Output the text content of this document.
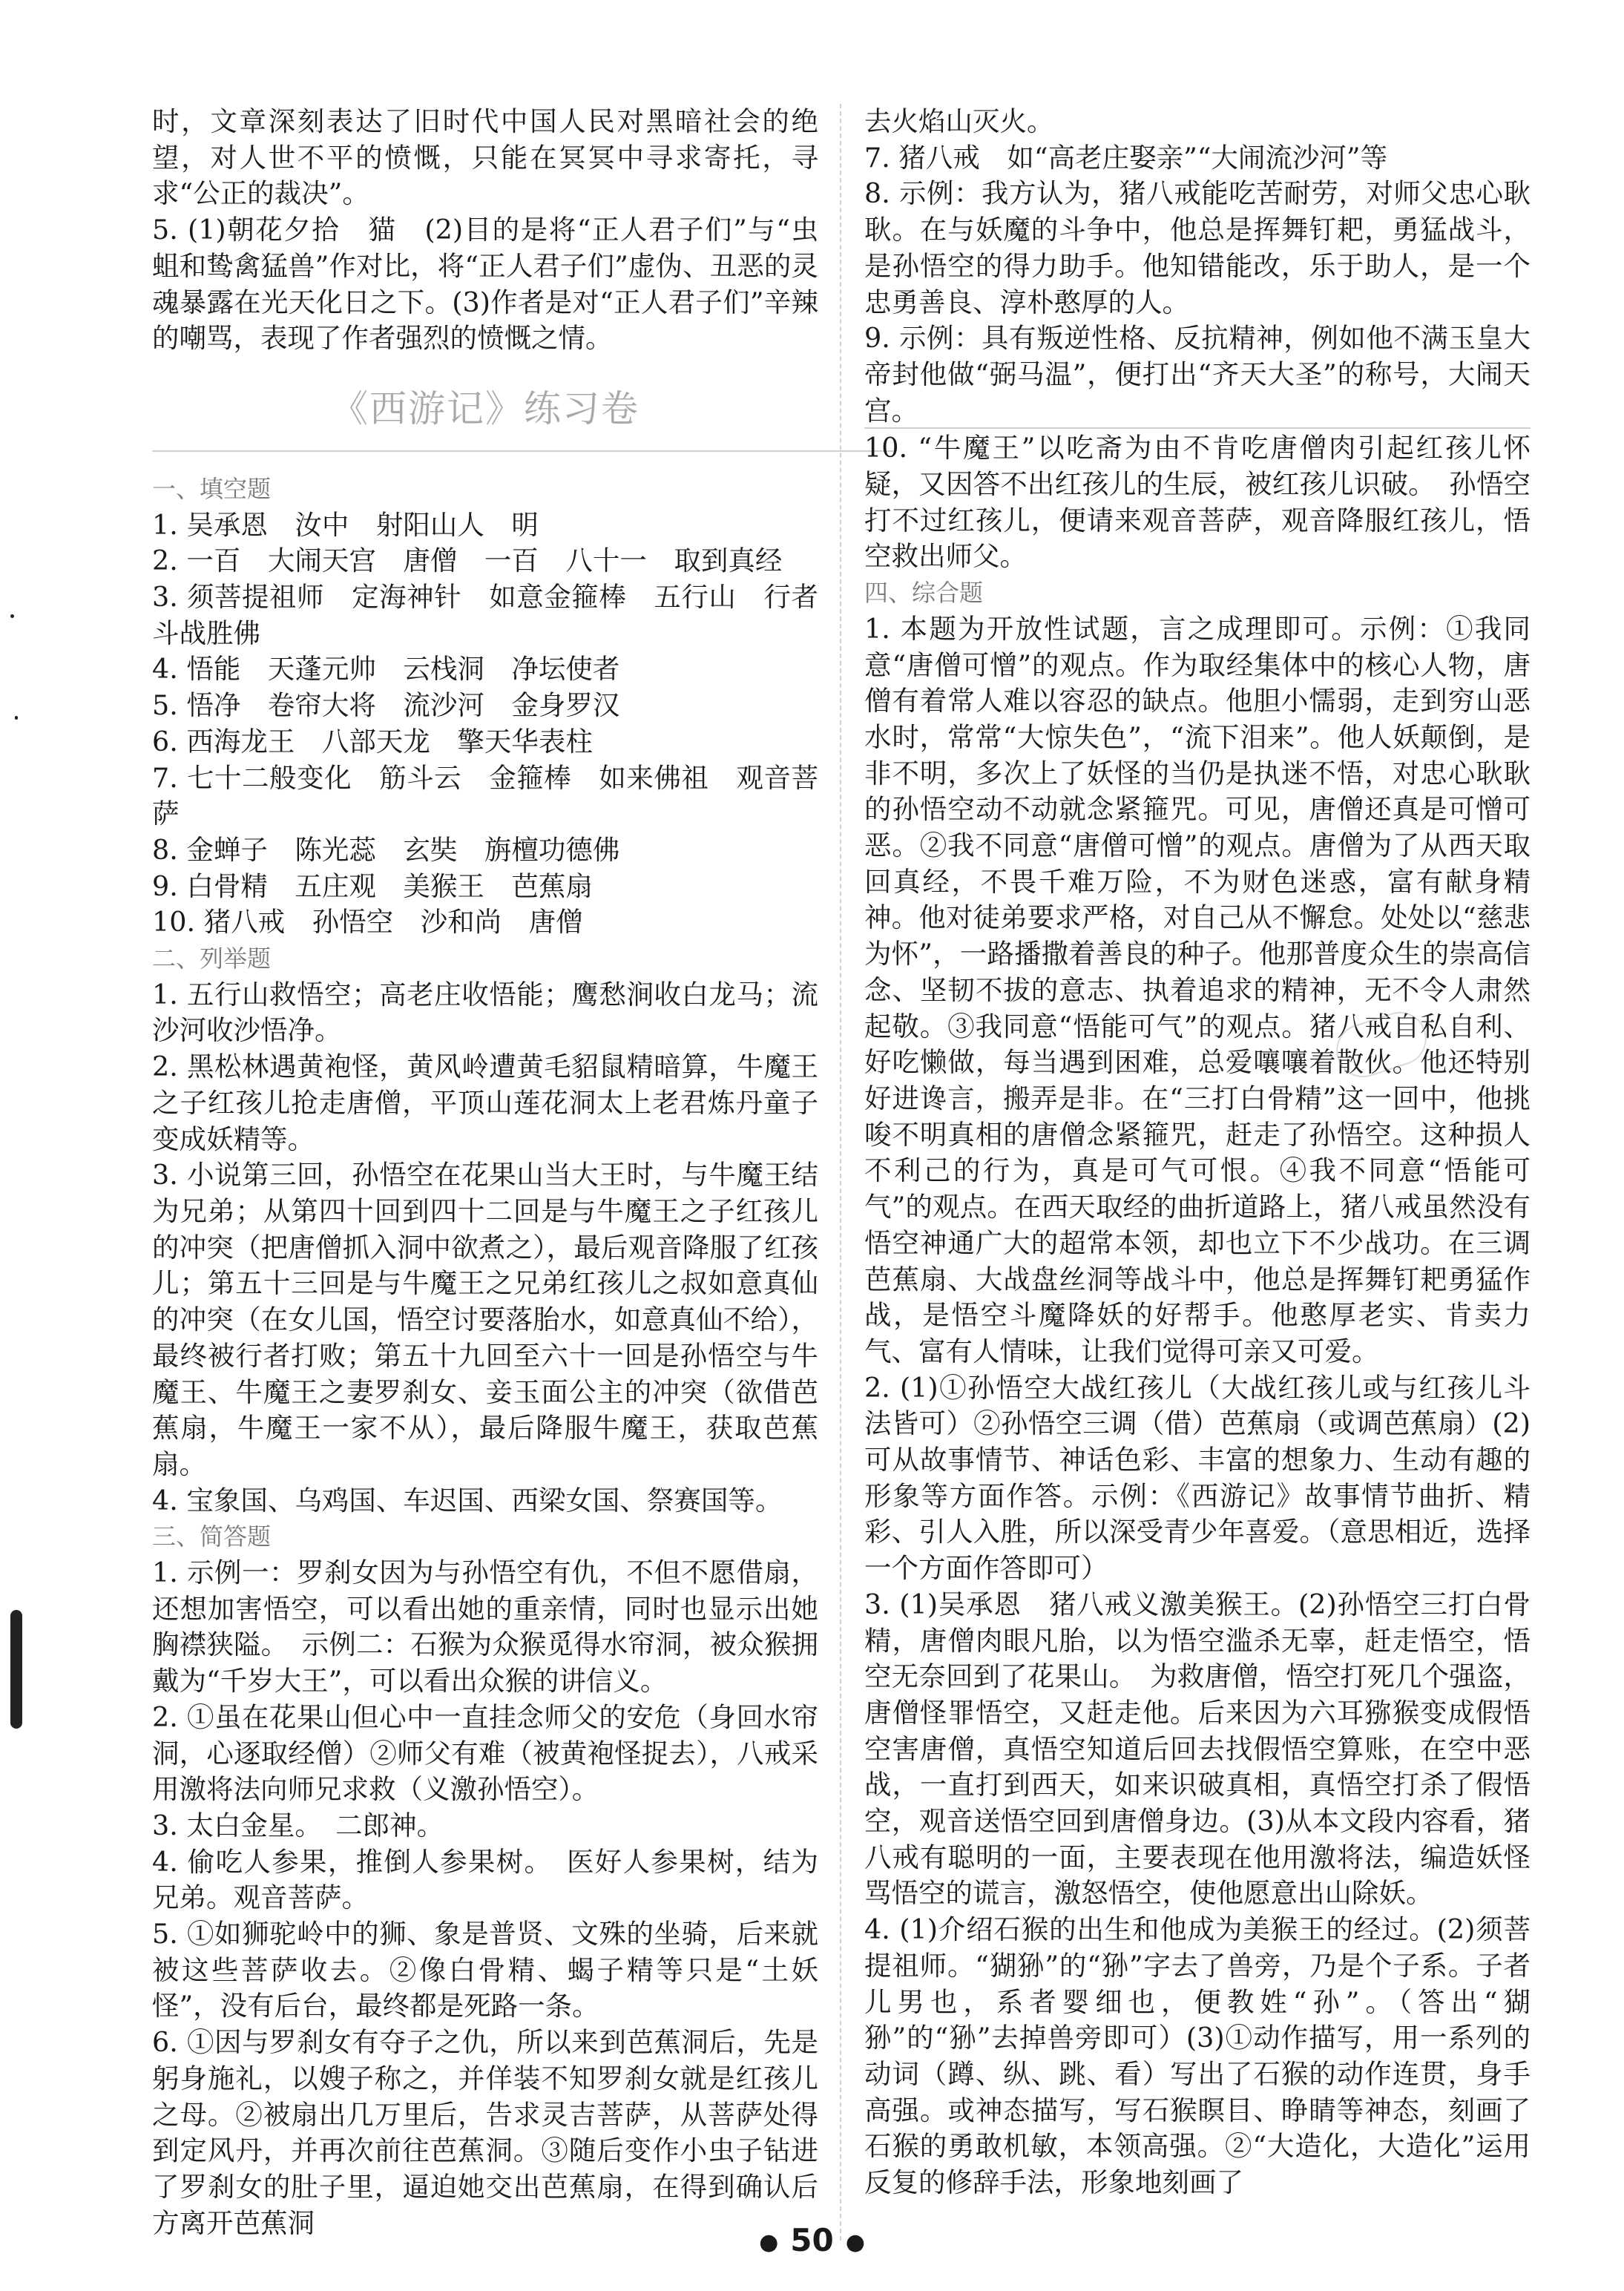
时，文章深刻表达了旧时代中国人民对黑暗社会的绝望，对人世不平的愤慨，只能在冥冥中寻求寄托，寻求“公正的裁决”。

5. (1)朝花夕拾　猫　(2)目的是将“正人君子们”与“虫蛆和鸷禽猛兽”作对比，将“正人君子们”虚伪、丑恶的灵魂暴露在光天化日之下。(3)作者是对“正人君子们”辛辣的嘲骂，表现了作者强烈的愤慨之情。

《西游记》练习卷

一、填空题

1. 吴承恩　汝中　射阳山人　明

2. 一百　大闹天宫　唐僧　一百　八十一　取到真经

3. 须菩提祖师　定海神针　如意金箍棒　五行山　行者　斗战胜佛

4. 悟能　天蓬元帅　云栈洞　净坛使者

5. 悟净　卷帘大将　流沙河　金身罗汉

6. 西海龙王　八部天龙　擎天华表柱

7. 七十二般变化　筋斗云　金箍棒　如来佛祖　观音菩萨

8. 金蝉子　陈光蕊　玄奘　旃檀功德佛

9. 白骨精　五庄观　美猴王　芭蕉扇

10. 猪八戒　孙悟空　沙和尚　唐僧

二、列举题

1. 五行山救悟空；高老庄收悟能；鹰愁涧收白龙马；流沙河收沙悟净。

2. 黑松林遇黄袍怪，黄风岭遭黄毛貂鼠精暗算，牛魔王之子红孩儿抢走唐僧，平顶山莲花洞太上老君炼丹童子变成妖精等。

3. 小说第三回，孙悟空在花果山当大王时，与牛魔王结为兄弟；从第四十回到四十二回是与牛魔王之子红孩儿的冲突（把唐僧抓入洞中欲煮之），最后观音降服了红孩儿；第五十三回是与牛魔王之兄弟红孩儿之叔如意真仙的冲突（在女儿国，悟空讨要落胎水，如意真仙不给），最终被行者打败；第五十九回至六十一回是孙悟空与牛魔王、牛魔王之妻罗刹女、妾玉面公主的冲突（欲借芭蕉扇，牛魔王一家不从），最后降服牛魔王，获取芭蕉扇。

4. 宝象国、乌鸡国、车迟国、西梁女国、祭赛国等。

三、简答题

1. 示例一：罗刹女因为与孙悟空有仇，不但不愿借扇，还想加害悟空，可以看出她的重亲情，同时也显示出她胸襟狭隘。　示例二：石猴为众猴觅得水帘洞，被众猴拥戴为“千岁大王”，可以看出众猴的讲信义。

2. ①虽在花果山但心中一直挂念师父的安危（身回水帘洞，心逐取经僧）②师父有难（被黄袍怪捉去），八戒采用激将法向师兄求救（义激孙悟空）。

3. 太白金星。　二郎神。

4. 偷吃人参果，推倒人参果树。　医好人参果树，结为兄弟。观音菩萨。

5. ①如狮驼岭中的狮、象是普贤、文殊的坐骑，后来就被这些菩萨收去。②像白骨精、蝎子精等只是“土妖怪”，没有后台，最终都是死路一条。

6. ①因与罗刹女有夺子之仇，所以来到芭蕉洞后，先是躬身施礼，以嫂子称之，并佯装不知罗刹女就是红孩儿之母。②被扇出几万里后，告求灵吉菩萨，从菩萨处得到定风丹，并再次前往芭蕉洞。③随后变作小虫子钻进了罗刹女的肚子里，逼迫她交出芭蕉扇，在得到确认后方离开芭蕉洞

去火焰山灭火。

7. 猪八戒　如“高老庄娶亲”“大闹流沙河”等

8. 示例：我方认为，猪八戒能吃苦耐劳，对师父忠心耿耿。在与妖魔的斗争中，他总是挥舞钉耙，勇猛战斗，是孙悟空的得力助手。他知错能改，乐于助人，是一个忠勇善良、淳朴憨厚的人。

9. 示例：具有叛逆性格、反抗精神，例如他不满玉皇大帝封他做“弼马温”，便打出“齐天大圣”的称号，大闹天宫。

10. “牛魔王”以吃斋为由不肯吃唐僧肉引起红孩儿怀疑，又因答不出红孩儿的生辰，被红孩儿识破。　孙悟空打不过红孩儿，便请来观音菩萨，观音降服红孩儿，悟空救出师父。

四、综合题

1. 本题为开放性试题，言之成理即可。示例：①我同意“唐僧可憎”的观点。作为取经集体中的核心人物，唐僧有着常人难以容忍的缺点。他胆小懦弱，走到穷山恶水时，常常“大惊失色”，“流下泪来”。他人妖颠倒，是非不明，多次上了妖怪的当仍是执迷不悟，对忠心耿耿的孙悟空动不动就念紧箍咒。可见，唐僧还真是可憎可恶。②我不同意“唐僧可憎”的观点。唐僧为了从西天取回真经，不畏千难万险，不为财色迷惑，富有献身精神。他对徒弟要求严格，对自己从不懈怠。处处以“慈悲为怀”，一路播撒着善良的种子。他那普度众生的崇高信念、坚韧不拔的意志、执着追求的精神，无不令人肃然起敬。③我同意“悟能可气”的观点。猪八戒自私自利、好吃懒做，每当遇到困难，总爱嚷嚷着散伙。他还特别好进谗言，搬弄是非。在“三打白骨精”这一回中，他挑唆不明真相的唐僧念紧箍咒，赶走了孙悟空。这种损人不利己的行为，真是可气可恨。④我不同意“悟能可气”的观点。在西天取经的曲折道路上，猪八戒虽然没有悟空神通广大的超常本领，却也立下不少战功。在三调芭蕉扇、大战盘丝洞等战斗中，他总是挥舞钉耙勇猛作战，是悟空斗魔降妖的好帮手。他憨厚老实、肯卖力气、富有人情味，让我们觉得可亲又可爱。

2. (1)①孙悟空大战红孩儿（大战红孩儿或与红孩儿斗法皆可）②孙悟空三调（借）芭蕉扇（或调芭蕉扇）(2)可从故事情节、神话色彩、丰富的想象力、生动有趣的形象等方面作答。示例：《西游记》故事情节曲折、精彩、引人入胜，所以深受青少年喜爱。（意思相近，选择一个方面作答即可）

3. (1)吴承恩　猪八戒义激美猴王。(2)孙悟空三打白骨精，唐僧肉眼凡胎，以为悟空滥杀无辜，赶走悟空，悟空无奈回到了花果山。　为救唐僧，悟空打死几个强盗，唐僧怪罪悟空，又赶走他。后来因为六耳猕猴变成假悟空害唐僧，真悟空知道后回去找假悟空算账，在空中恶战，一直打到西天，如来识破真相，真悟空打杀了假悟空，观音送悟空回到唐僧身边。(3)从本文段内容看，猪八戒有聪明的一面，主要表现在他用激将法，编造妖怪骂悟空的谎言，激怒悟空，使他愿意出山除妖。

4. (1)介绍石猴的出生和他成为美猴王的经过。(2)须菩提祖师。“猢狲”的“狲”字去了兽旁，乃是个子系。子者儿男也，系者婴细也，便教姓“孙”。（答出“猢狲”的“狲”去掉兽旁即可）(3)①动作描写，用一系列的动词（蹲、纵、跳、看）写出了石猴的动作连贯，身手高强。或神态描写，写石猴瞑目、睁睛等神态，刻画了石猴的勇敢机敏，本领高强。②“大造化，大造化”运用反复的修辞手法，形象地刻画了

● 50 ●
